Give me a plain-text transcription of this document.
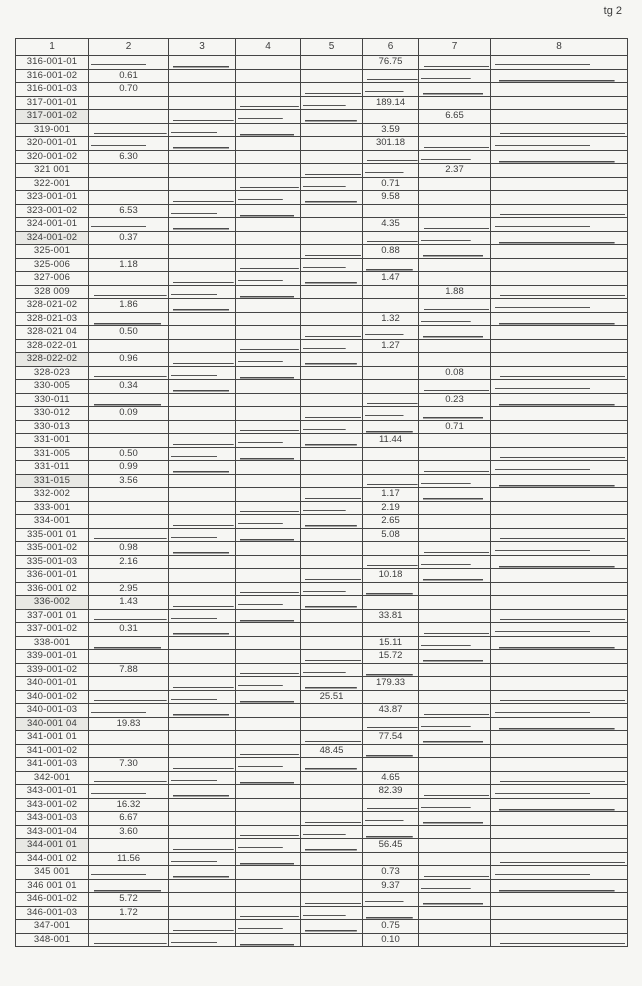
tg 2
1	2	3	4	5	6	7	8
316-001-01					76.75		
316-001-02	0.61						
316-001-03	0.70						
317-001-01					189.14		
317-001-02						6.65	
319-001					3.59		
320-001-01					301.18		
320-001-02	6.30						
321 001						2.37	
322-001					0.71		
323-001-01					9.58		
323-001-02	6.53						
324-001-01					4.35		
324-001-02	0.37						
325-001					0.88		
325-006	1.18						
327-006					1.47		
328 009						1.88	
328-021-02	1.86						
328-021-03					1.32		
328-021 04	0.50						
328-022-01					1.27		
328-022-02	0.96						
328-023						0.08	
330-005	0.34						
330-011						0.23	
330-012	0.09						
330-013						0.71	
331-001					11.44		
331-005	0.50						
331-011	0.99						
331-015	3.56						
332-002					1.17		
333-001					2.19		
334-001					2.65		
335-001 01					5.08		
335-001-02	0.98						
335-001-03	2.16						
336-001-01					10.18		
336-001 02	2.95						
336-002	1.43						
337-001 01					33.81		
337-001-02	0.31						
338-001					15.11		
339-001-01					15.72		
339-001-02	7.88						
340-001-01					179.33		
340-001-02				25.51			
340-001-03					43.87		
340-001 04	19.83						
341-001 01					77.54		
341-001-02				48.45			
341-001-03	7.30						
342-001					4.65		
343-001-01					82.39		
343-001-02	16.32						
343-001-03	6.67						
343-001-04	3.60						
344-001 01					56.45		
344-001 02	11.56						
345 001					0.73		
346 001 01					9.37		
346-001-02	5.72						
346-001-03	1.72						
347-001					0.75		
348-001					0.10		
